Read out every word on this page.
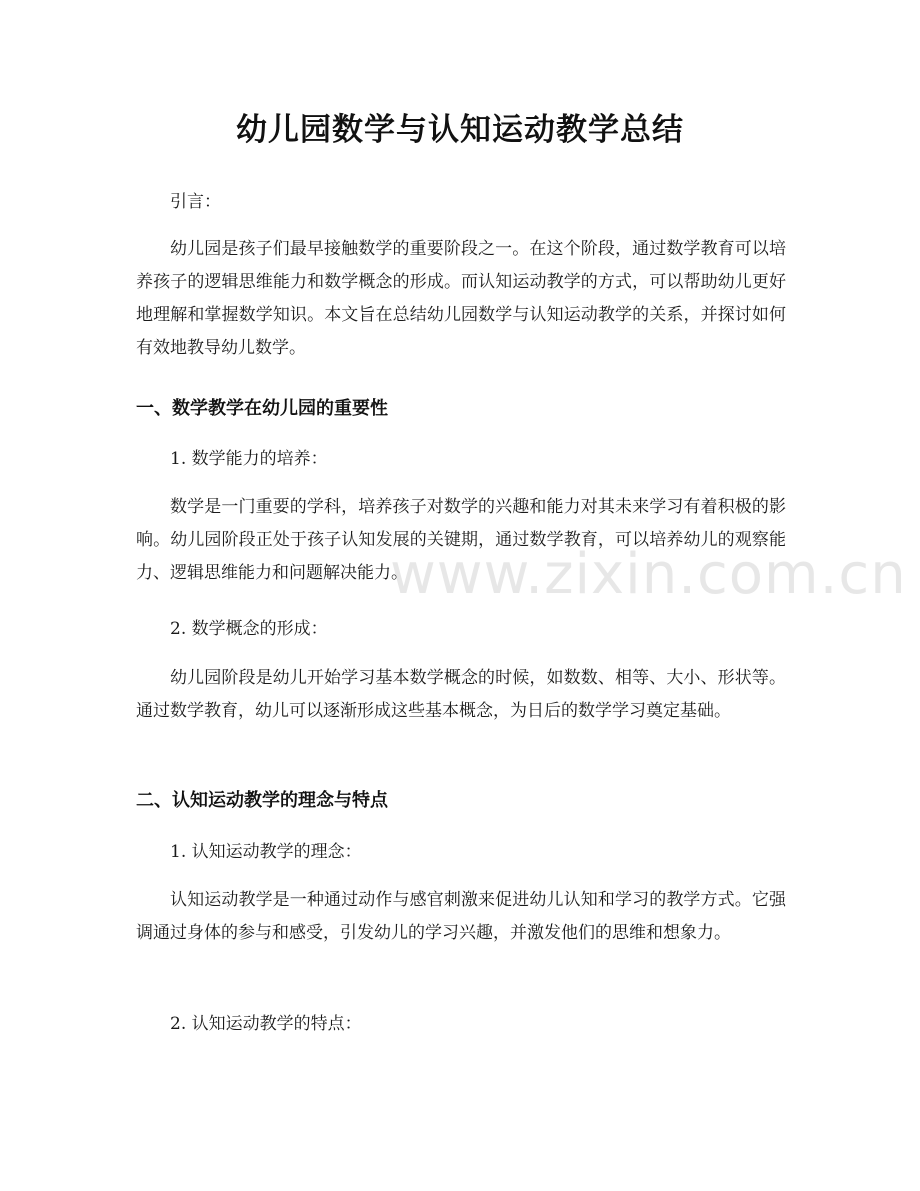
幼儿园数学与认知运动教学总结

引言：

幼儿园是孩子们最早接触数学的重要阶段之一。在这个阶段，通过数学教育可以培养孩子的逻辑思维能力和数学概念的形成。而认知运动教学的方式，可以帮助幼儿更好地理解和掌握数学知识。本文旨在总结幼儿园数学与认知运动教学的关系，并探讨如何有效地教导幼儿数学。

一、数学教学在幼儿园的重要性

1. 数学能力的培养：

数学是一门重要的学科，培养孩子对数学的兴趣和能力对其未来学习有着积极的影响。幼儿园阶段正处于孩子认知发展的关键期，通过数学教育，可以培养幼儿的观察能力、逻辑思维能力和问题解决能力。

2. 数学概念的形成：

幼儿园阶段是幼儿开始学习基本数学概念的时候，如数数、相等、大小、形状等。通过数学教育，幼儿可以逐渐形成这些基本概念，为日后的数学学习奠定基础。

二、认知运动教学的理念与特点

1. 认知运动教学的理念：

认知运动教学是一种通过动作与感官刺激来促进幼儿认知和学习的教学方式。它强调通过身体的参与和感受，引发幼儿的学习兴趣，并激发他们的思维和想象力。

2. 认知运动教学的特点：

www.zixin.com.cn
